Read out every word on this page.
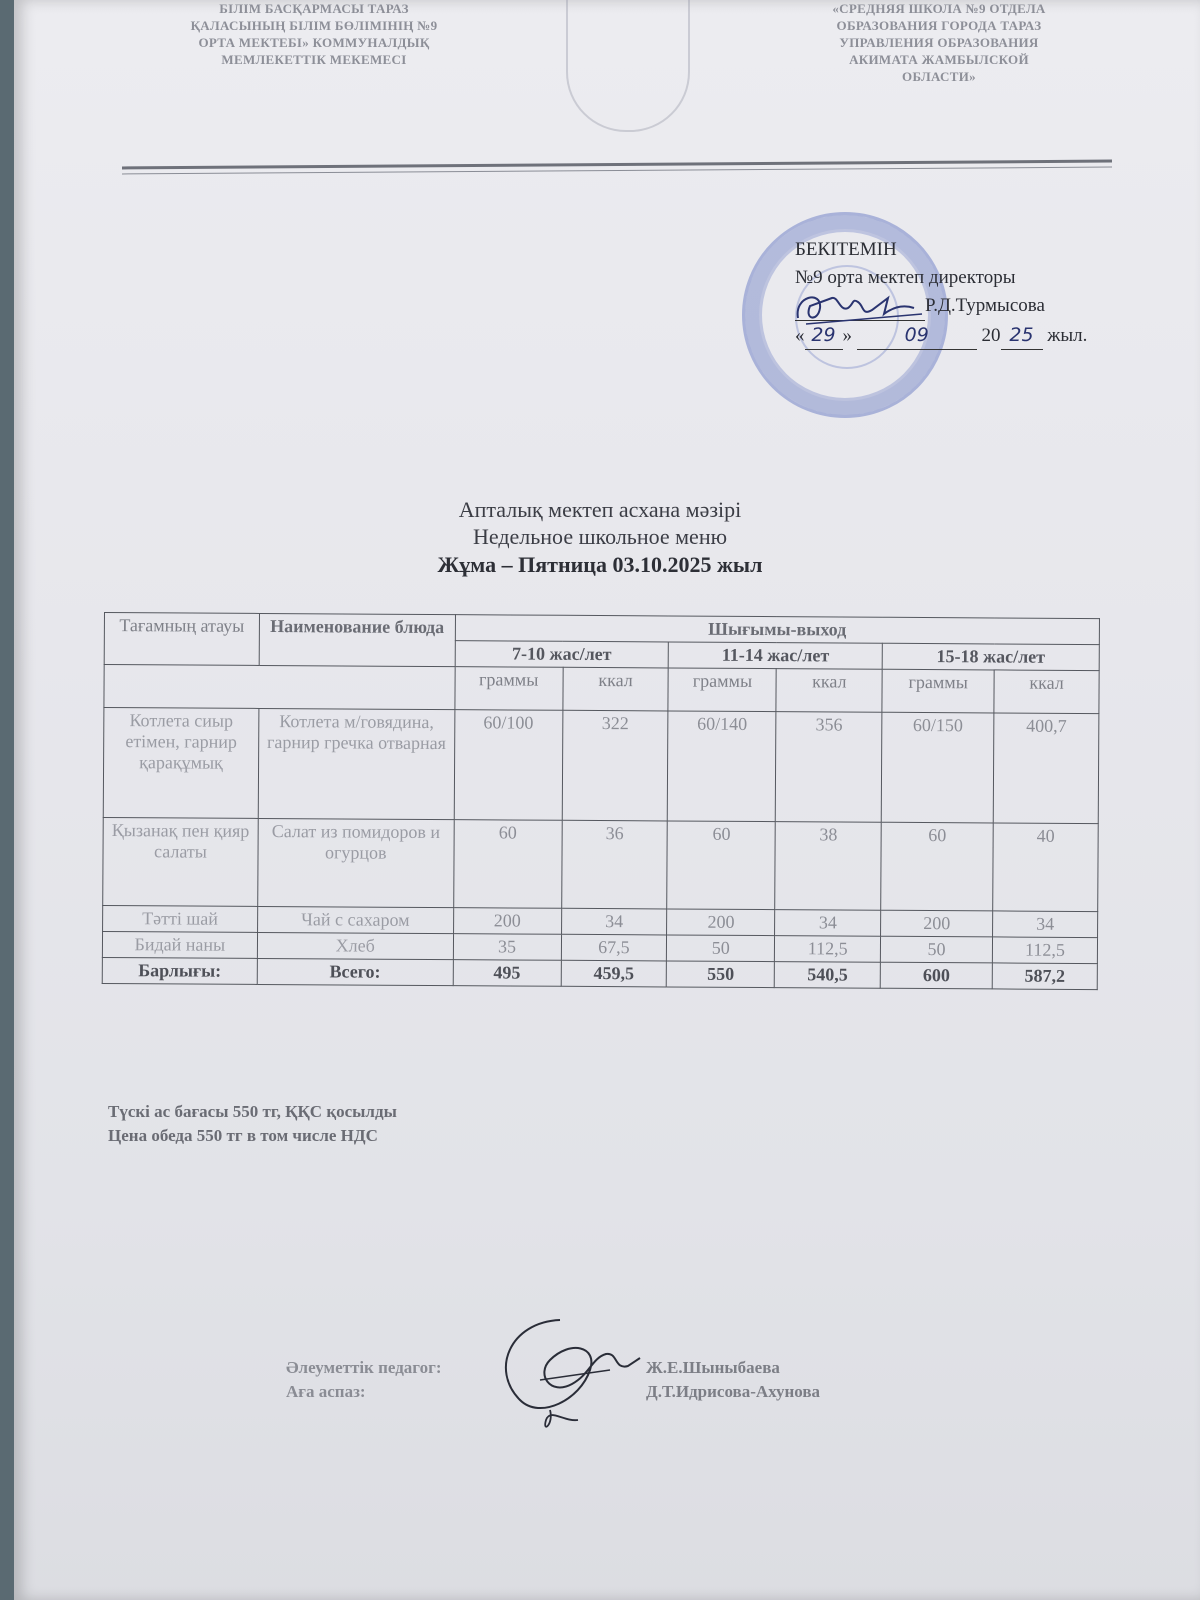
БІЛІМ БАСҚАРМАСЫ ТАРАЗ
ҚАЛАСЫНЫҢ БІЛІМ БӨЛІМІНІҢ №9
ОРТА МЕКТЕБІ» КОММУНАЛДЫҚ
МЕМЛЕКЕТТІК МЕКЕМЕСІ
«СРЕДНЯЯ ШКОЛА №9 ОТДЕЛА
ОБРАЗОВАНИЯ ГОРОДА ТАРАЗ
УПРАВЛЕНИЯ ОБРАЗОВАНИЯ
АКИМАТА ЖАМБЫЛСКОЙ
ОБЛАСТИ»
БЕКІТЕМІН
№9 орта мектеп директоры
Р.Д.Турмысова
« 29 »	09	20 25 жыл.
Апталық мектеп асхана мәзірі
Недельное школьное меню
Жұма – Пятница 03.10.2025 жыл
Тағамның атауы	Наименование блюда	Шығымы-выход					
		7-10 жас/лет		11-14 жас/лет		15-18 жас/лет	
		граммы	ккал	граммы	ккал	граммы	ккал
Котлета сиыр етімен, гарнир қарақұмық	Котлета м/говядина, гарнир гречка отварная	60/100	322	60/140	356	60/150	400,7
Қызанақ пен қияр салаты	Салат из помидоров и огурцов	60	36	60	38	60	40
Тәтті шай	Чай с сахаром	200	34	200	34	200	34
Бидай наны	Хлеб	35	67,5	50	112,5	50	112,5
Барлығы:	Всего:	495	459,5	550	540,5	600	587,2
Түскі ас бағасы 550 тг, ҚҚС қосылды
Цена обеда 550 тг в том числе НДС
Әлеуметтік педагог:
Аға аспаз:
Ж.Е.Шыныбаева
Д.Т.Идрисова-Ахунова
